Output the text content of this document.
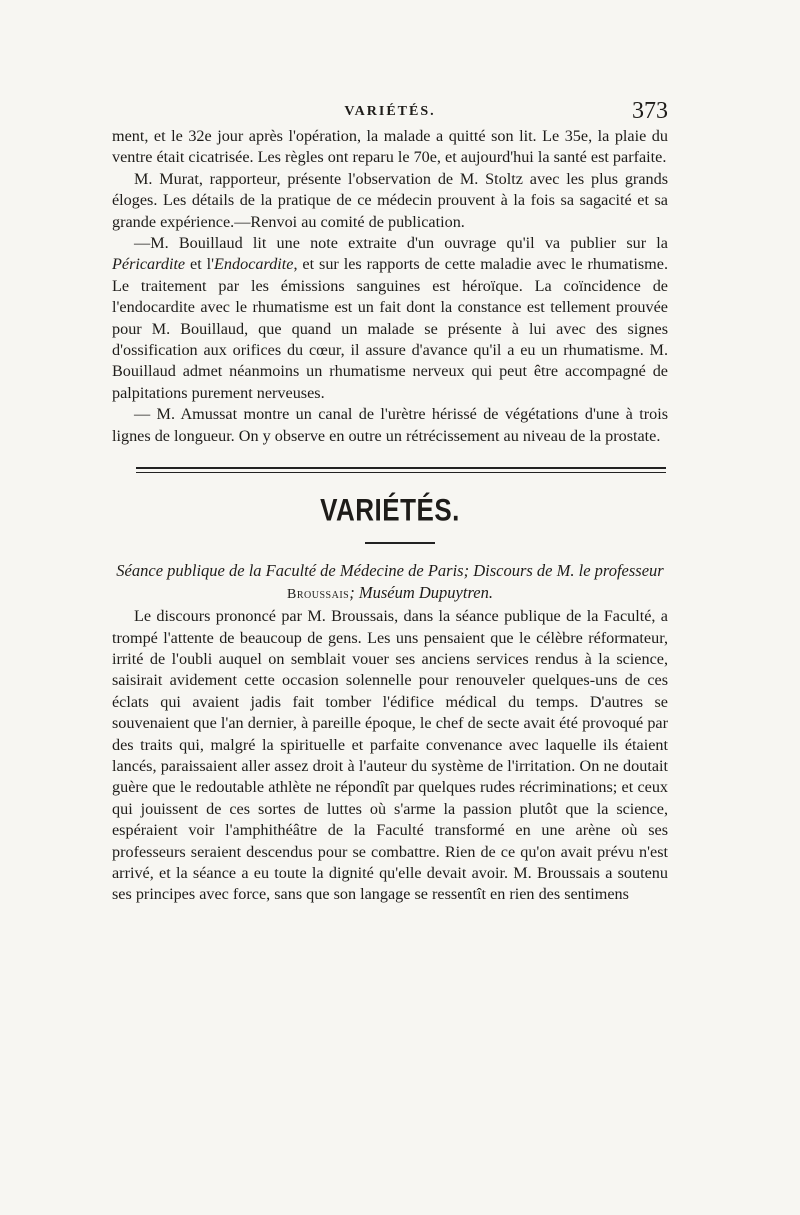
VARIÉTÉS.	373

ment, et le 32e jour après l'opération, la malade a quitté son lit. Le 35e, la plaie du ventre était cicatrisée. Les règles ont reparu le 70e, et aujourd'hui la santé est parfaite.

M. Murat, rapporteur, présente l'observation de M. Stoltz avec les plus grands éloges. Les détails de la pratique de ce médecin prouvent à la fois sa sagacité et sa grande expérience.—Renvoi au comité de publication.

—M. Bouillaud lit une note extraite d'un ouvrage qu'il va publier sur la Péricardite et l'Endocardite, et sur les rapports de cette maladie avec le rhumatisme. Le traitement par les émissions sanguines est héroïque. La coïncidence de l'endocardite avec le rhumatisme est un fait dont la constance est tellement prouvée pour M. Bouillaud, que quand un malade se présente à lui avec des signes d'ossification aux orifices du cœur, il assure d'avance qu'il a eu un rhumatisme. M. Bouillaud admet néanmoins un rhumatisme nerveux qui peut être accompagné de palpitations purement nerveuses.

— M. Amussat montre un canal de l'urètre hérissé de végétations d'une à trois lignes de longueur. On y observe en outre un rétrécissement au niveau de la prostate.

VARIÉTÉS.

Séance publique de la Faculté de Médecine de Paris; Discours de M. le professeur Broussais; Muséum Dupuytren.

Le discours prononcé par M. Broussais, dans la séance publique de la Faculté, a trompé l'attente de beaucoup de gens. Les uns pensaient que le célèbre réformateur, irrité de l'oubli auquel on semblait vouer ses anciens services rendus à la science, saisirait avidement cette occasion solennelle pour renouveler quelques-uns de ces éclats qui avaient jadis fait tomber l'édifice médical du temps. D'autres se souvenaient que l'an dernier, à pareille époque, le chef de secte avait été provoqué par des traits qui, malgré la spirituelle et parfaite convenance avec laquelle ils étaient lancés, paraissaient aller assez droit à l'auteur du système de l'irritation. On ne doutait guère que le redoutable athlète ne répondît par quelques rudes récriminations; et ceux qui jouissent de ces sortes de luttes où s'arme la passion plutôt que la science, espéraient voir l'amphithéâtre de la Faculté transformé en une arène où ses professeurs seraient descendus pour se combattre. Rien de ce qu'on avait prévu n'est arrivé, et la séance a eu toute la dignité qu'elle devait avoir. M. Broussais a soutenu ses principes avec force, sans que son langage se ressentît en rien des sentimens
